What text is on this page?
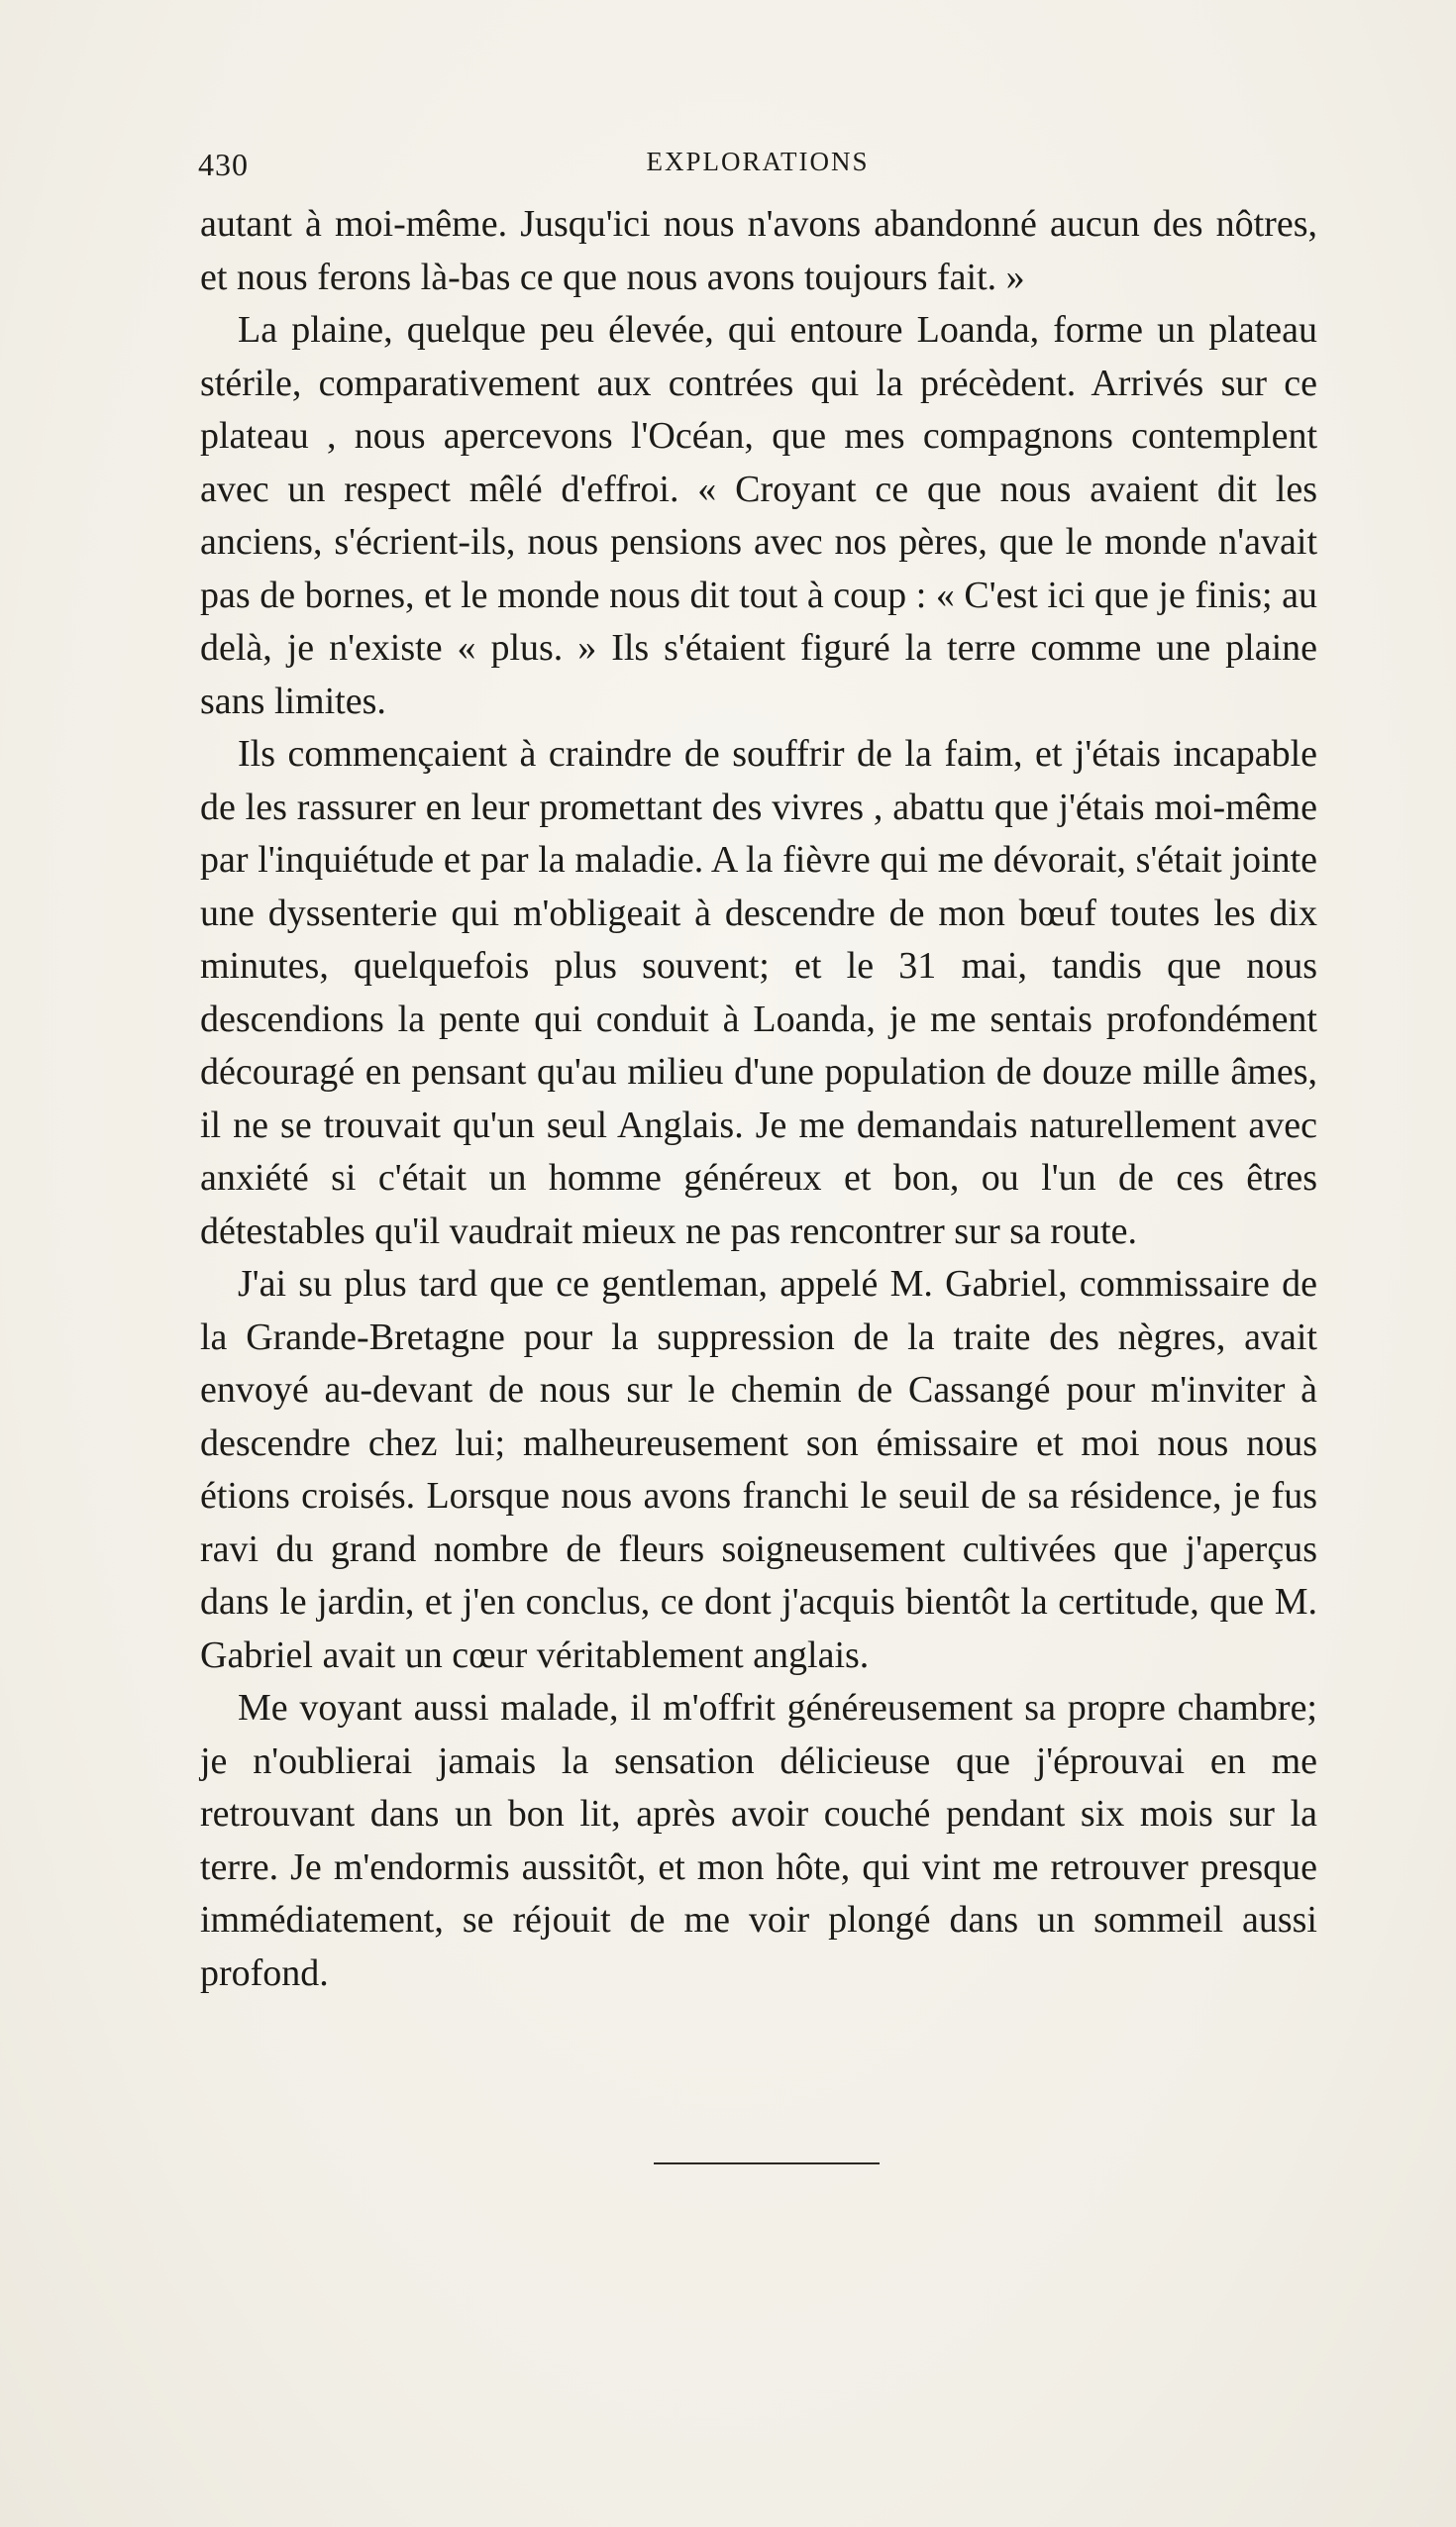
430	EXPLORATIONS

autant à moi-même. Jusqu'ici nous n'avons abandonné aucun des nôtres, et nous ferons là-bas ce que nous avons toujours fait. »

La plaine, quelque peu élevée, qui entoure Loanda, forme un plateau stérile, comparativement aux contrées qui la précèdent. Arrivés sur ce plateau , nous apercevons l'Océan, que mes compagnons contemplent avec un respect mêlé d'effroi. « Croyant ce que nous avaient dit les anciens, s'écrient-ils, nous pensions avec nos pères, que le monde n'avait pas de bornes, et le monde nous dit tout à coup : « C'est ici que je finis; au delà, je n'existe « plus. » Ils s'étaient figuré la terre comme une plaine sans limites.

Ils commençaient à craindre de souffrir de la faim, et j'étais incapable de les rassurer en leur promettant des vivres , abattu que j'étais moi-même par l'inquiétude et par la maladie. A la fièvre qui me dévorait, s'était jointe une dyssenterie qui m'obligeait à descendre de mon bœuf toutes les dix minutes, quelquefois plus souvent; et le 31 mai, tandis que nous descendions la pente qui conduit à Loanda, je me sentais profondément découragé en pensant qu'au milieu d'une population de douze mille âmes, il ne se trouvait qu'un seul Anglais. Je me demandais naturellement avec anxiété si c'était un homme généreux et bon, ou l'un de ces êtres détestables qu'il vaudrait mieux ne pas rencontrer sur sa route.

J'ai su plus tard que ce gentleman, appelé M. Gabriel, commissaire de la Grande-Bretagne pour la suppression de la traite des nègres, avait envoyé au-devant de nous sur le chemin de Cassangé pour m'inviter à descendre chez lui; malheureusement son émissaire et moi nous nous étions croisés. Lorsque nous avons franchi le seuil de sa résidence, je fus ravi du grand nombre de fleurs soigneusement cultivées que j'aperçus dans le jardin, et j'en conclus, ce dont j'acquis bientôt la certitude, que M. Gabriel avait un cœur véritablement anglais.

Me voyant aussi malade, il m'offrit généreusement sa propre chambre; je n'oublierai jamais la sensation délicieuse que j'éprouvai en me retrouvant dans un bon lit, après avoir couché pendant six mois sur la terre. Je m'endormis aussitôt, et mon hôte, qui vint me retrouver presque immédiatement, se réjouit de me voir plongé dans un sommeil aussi profond.
